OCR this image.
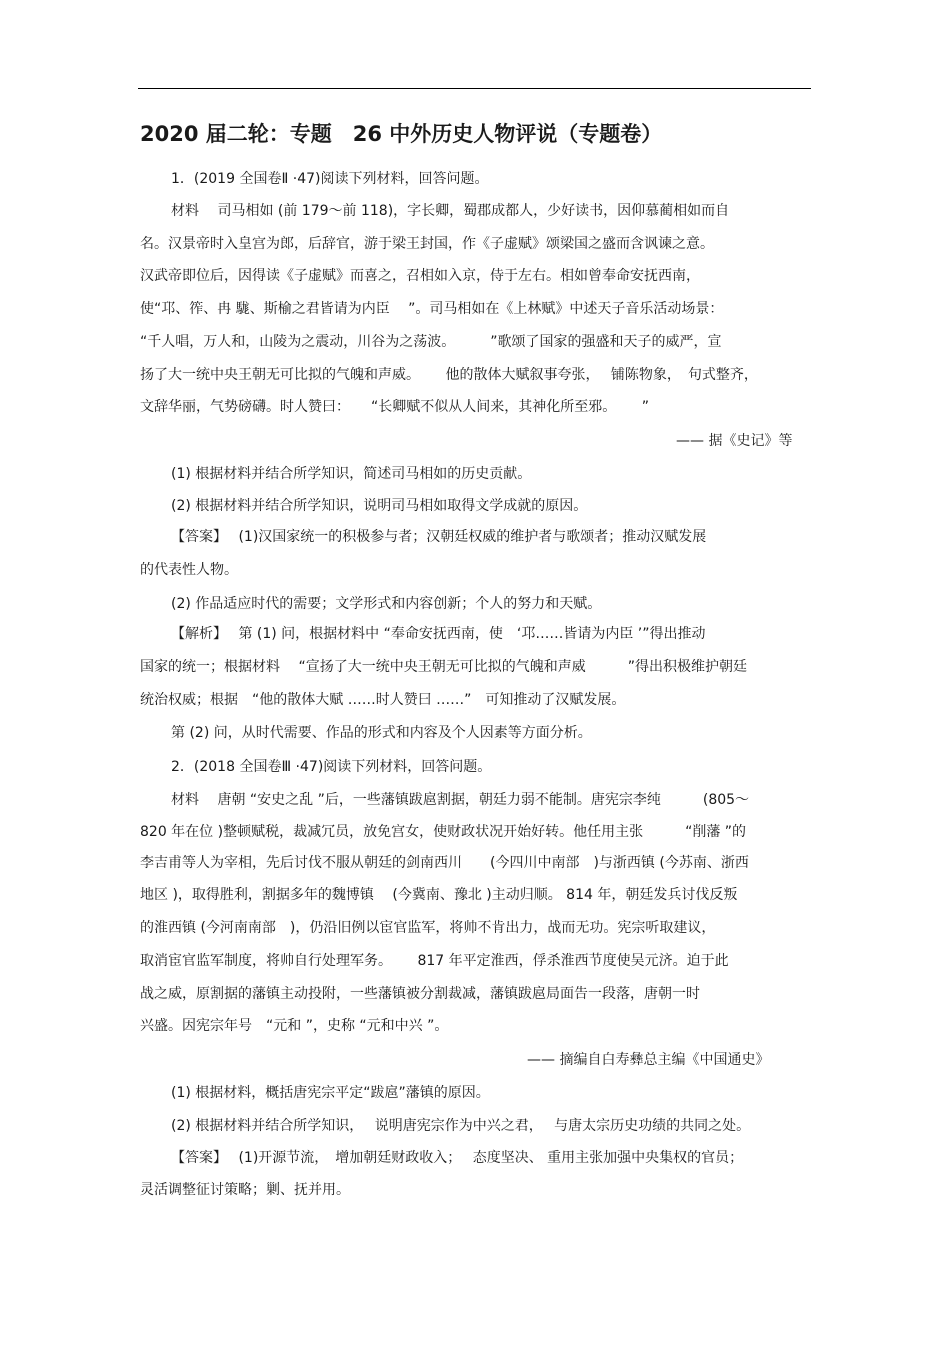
2020 届二轮：专题　26 中外历史人物评说（专题卷）
1．(2019 全国卷Ⅱ ·47)阅读下列材料，回答问题。
材料　 司马相如 (前 179～前 118)，字长卿，蜀郡成都人，少好读书，因仰慕蔺相如而自
名。汉景帝时入皇宫为郎，后辞官，游于梁王封国，作《子虚赋》颂梁国之盛而含讽谏之意。
汉武帝即位后，因得读《子虚赋》而喜之，召相如入京，侍于左右。相如曾奉命安抚西南，
使“邛、筰、冉 駹、斯榆之君皆请为内臣　 ”。司马相如在《上林赋》中述天子音乐活动场景：
“千人唱，万人和，山陵为之震动，川谷为之荡波。　　　”歌颂了国家的强盛和天子的威严，宣
扬了大一统中央王朝无可比拟的气魄和声威。　　 他的散体大赋叙事夸张，　 铺陈物象，　句式整齐，
文辞华丽，气势磅礴。时人赞曰：　　“长卿赋不似从人间来，其神化所至邪。　　 ”
—— 据《史记》等
(1) 根据材料并结合所学知识，简述司马相如的历史贡献。
(2) 根据材料并结合所学知识，说明司马相如取得文学成就的原因。
【答案】　 (1)汉国家统一的积极参与者；汉朝廷权威的维护者与歌颂者；推动汉赋发展
的代表性人物。
(2) 作品适应时代的需要；文学形式和内容创新；个人的努力和天赋。
【解析】　 第 (1) 问，根据材料中 “奉命安抚西南，使　‘邛……皆请为内臣 ’”得出推动
国家的统一；根据材料　 “宣扬了大一统中央王朝无可比拟的气魄和声威　　　”得出积极维护朝廷
统治权威；根据　“他的散体大赋 ……时人赞曰 ……”　可知推动了汉赋发展。
第 (2) 问，从时代需要、作品的形式和内容及个人因素等方面分析。
2．(2018 全国卷Ⅲ ·47)阅读下列材料，回答问题。
材料　 唐朝 “安史之乱 ”后，一些藩镇跋扈割据，朝廷力弱不能制。唐宪宗李纯　　　(805～
820 年在位 )整顿赋税，裁减冗员，放免宫女，使财政状况开始好转。他任用主张　　　“削藩 ”的
李吉甫等人为宰相，先后讨伐不服从朝廷的剑南西川　　(今四川中南部　)与浙西镇 (今苏南、浙西
地区 )，取得胜利，割据多年的魏博镇　 (今冀南、豫北 )主动归顺。 814 年，朝廷发兵讨伐反叛
的淮西镇 (今河南南部　)，仍沿旧例以宦官监军，将帅不肯出力，战而无功。宪宗听取建议，
取消宦官监军制度，将帅自行处理军务。　　 817 年平定淮西，俘杀淮西节度使吴元济。迫于此
战之威，原割据的藩镇主动投附，一些藩镇被分割裁减，藩镇跋扈局面告一段落，唐朝一时
兴盛。因宪宗年号　“元和 ”，史称 “元和中兴 ”。
—— 摘编自白寿彝总主编《中国通史》
(1) 根据材料，概括唐宪宗平定“跋扈”藩镇的原因。
(2) 根据材料并结合所学知识，　 说明唐宪宗作为中兴之君，　 与唐太宗历史功绩的共同之处。
【答案】　 (1)开源节流，　增加朝廷财政收入；　 态度坚决、 重用主张加强中央集权的官员；
灵活调整征讨策略；剿、抚并用。
